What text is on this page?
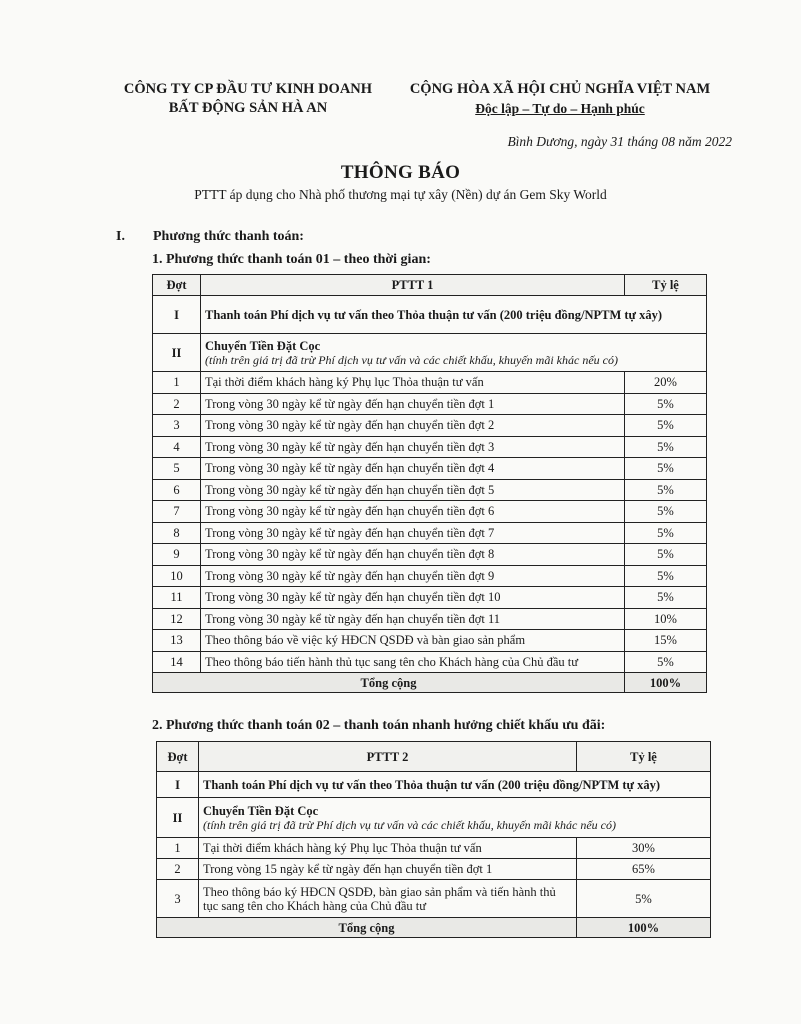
CÔNG TY CP ĐẦU TƯ KINH DOANH
BẤT ĐỘNG SẢN HÀ AN
CỘNG HÒA XÃ HỘI CHỦ NGHĨA VIỆT NAM
Độc lập – Tự do – Hạnh phúc
Bình Dương, ngày 31 tháng 08 năm 2022
THÔNG BÁO
PTTT áp dụng cho Nhà phố thương mại tự xây (Nền) dự án Gem Sky World
I. Phương thức thanh toán:
1. Phương thức thanh toán 01 – theo thời gian:
Đợt	PTTT 1	Tỷ lệ
I	Thanh toán Phí dịch vụ tư vấn theo Thỏa thuận tư vấn (200 triệu đồng/NPTM tự xây)	
II	Chuyển Tiền Đặt Cọc
(tính trên giá trị đã trừ Phí dịch vụ tư vấn và các chiết khấu, khuyến mãi khác nếu có)	

1	Tại thời điểm khách hàng ký Phụ lục Thỏa thuận tư vấn	20%
2	Trong vòng 30 ngày kể từ ngày đến hạn chuyển tiền đợt 1	5%
3	Trong vòng 30 ngày kể từ ngày đến hạn chuyển tiền đợt 2	5%
4	Trong vòng 30 ngày kể từ ngày đến hạn chuyển tiền đợt 3	5%
5	Trong vòng 30 ngày kể từ ngày đến hạn chuyển tiền đợt 4	5%
6	Trong vòng 30 ngày kể từ ngày đến hạn chuyển tiền đợt 5	5%
7	Trong vòng 30 ngày kể từ ngày đến hạn chuyển tiền đợt 6	5%
8	Trong vòng 30 ngày kể từ ngày đến hạn chuyển tiền đợt 7	5%
9	Trong vòng 30 ngày kể từ ngày đến hạn chuyển tiền đợt 8	5%
10	Trong vòng 30 ngày kể từ ngày đến hạn chuyển tiền đợt 9	5%
11	Trong vòng 30 ngày kể từ ngày đến hạn chuyển tiền đợt 10	5%
12	Trong vòng 30 ngày kể từ ngày đến hạn chuyển tiền đợt 11	10%
13	Theo thông báo về việc ký HĐCN QSDĐ và bàn giao sản phẩm	15%
14	Theo thông báo tiến hành thủ tục sang tên cho Khách hàng của Chủ đầu tư	5%
Tổng cộng		100%
2. Phương thức thanh toán 02 – thanh toán nhanh hưởng chiết khấu ưu đãi:
Đợt	PTTT 2	Tỷ lệ
I	Thanh toán Phí dịch vụ tư vấn theo Thỏa thuận tư vấn (200 triệu đồng/NPTM tự xây)	
II	Chuyển Tiền Đặt Cọc
(tính trên giá trị đã trừ Phí dịch vụ tư vấn và các chiết khấu, khuyến mãi khác nếu có)	

1	Tại thời điểm khách hàng ký Phụ lục Thỏa thuận tư vấn	30%
2	Trong vòng 15 ngày kể từ ngày đến hạn chuyển tiền đợt 1	65%
3	Theo thông báo ký HĐCN QSDĐ, bàn giao sản phẩm và tiến hành thủ tục sang tên cho Khách hàng của Chủ đầu tư	5%
Tổng cộng		100%
